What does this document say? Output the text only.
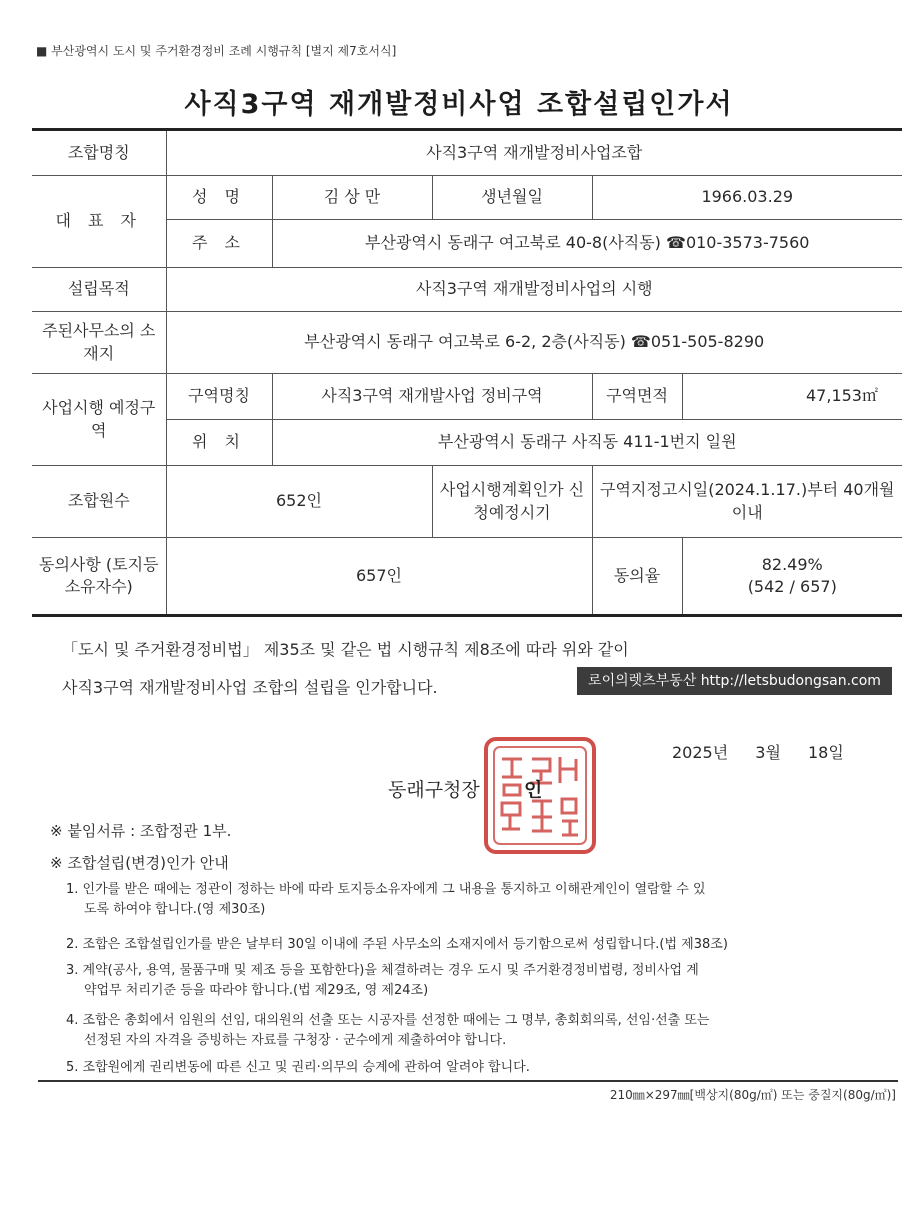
■ 부산광역시 도시 및 주거환경정비 조례 시행규칙 [별지 제7호서식]
사직3구역 재개발정비사업 조합설립인가서
조합명칭	사직3구역 재개발정비사업조합				
대 표 자	성 명	김 상 만	생년월일	1966.03.29	
	주 소	부산광역시 동래구 여고북로 40-8(사직동) ☎010-3573-7560			
설립목적	사직3구역 재개발정비사업의 시행				
주된사무소의 소재지	부산광역시 동래구 여고북로 6-2, 2층(사직동) ☎051-505-8290				
사업시행 예정구역	구역명칭	사직3구역 재개발사업 정비구역		구역면적	47,153㎡
	위 치	부산광역시 동래구 사직동 411-1번지 일원			
조합원수	652인		사업시행계획인가 신청예정시기	구역지정고시일(2024.1.17.)부터 40개월 이내	
동의사항 (토지등 소유자수)	657인			동의율	82.49%
(542 / 657)
「도시 및 주거환경정비법」 제35조 및 같은 법 시행규칙 제8조에 따라 위와 같이
사직3구역 재개발정비사업 조합의 설립을 인가합니다.	로이의렛츠부동산 http://letsbudongsan.com
2025년 3월 18일
동래구청장 인
※ 붙임서류 : 조합정관 1부.
※ 조합설립(변경)인가 안내
1. 인가를 받은 때에는 정관이 정하는 바에 따라 토지등소유자에게 그 내용을 통지하고 이해관계인이 열람할 수 있
도록 하여야 합니다.(영 제30조)
2. 조합은 조합설립인가를 받은 날부터 30일 이내에 주된 사무소의 소재지에서 등기함으로써 성립합니다.(법 제38조)
3. 계약(공사, 용역, 물품구매 및 제조 등을 포함한다)을 체결하려는 경우 도시 및 주거환경정비법령, 정비사업 계
약업무 처리기준 등을 따라야 합니다.(법 제29조, 영 제24조)
4. 조합은 총회에서 임원의 선임, 대의원의 선출 또는 시공자를 선정한 때에는 그 명부, 총회회의록, 선임·선출 또는
선정된 자의 자격을 증빙하는 자료를 구청장 · 군수에게 제출하여야 합니다.
5. 조합원에게 권리변동에 따른 신고 및 권리·의무의 승계에 관하여 알려야 합니다.
210㎜×297㎜[백상지(80g/㎡) 또는 중질지(80g/㎡)]
